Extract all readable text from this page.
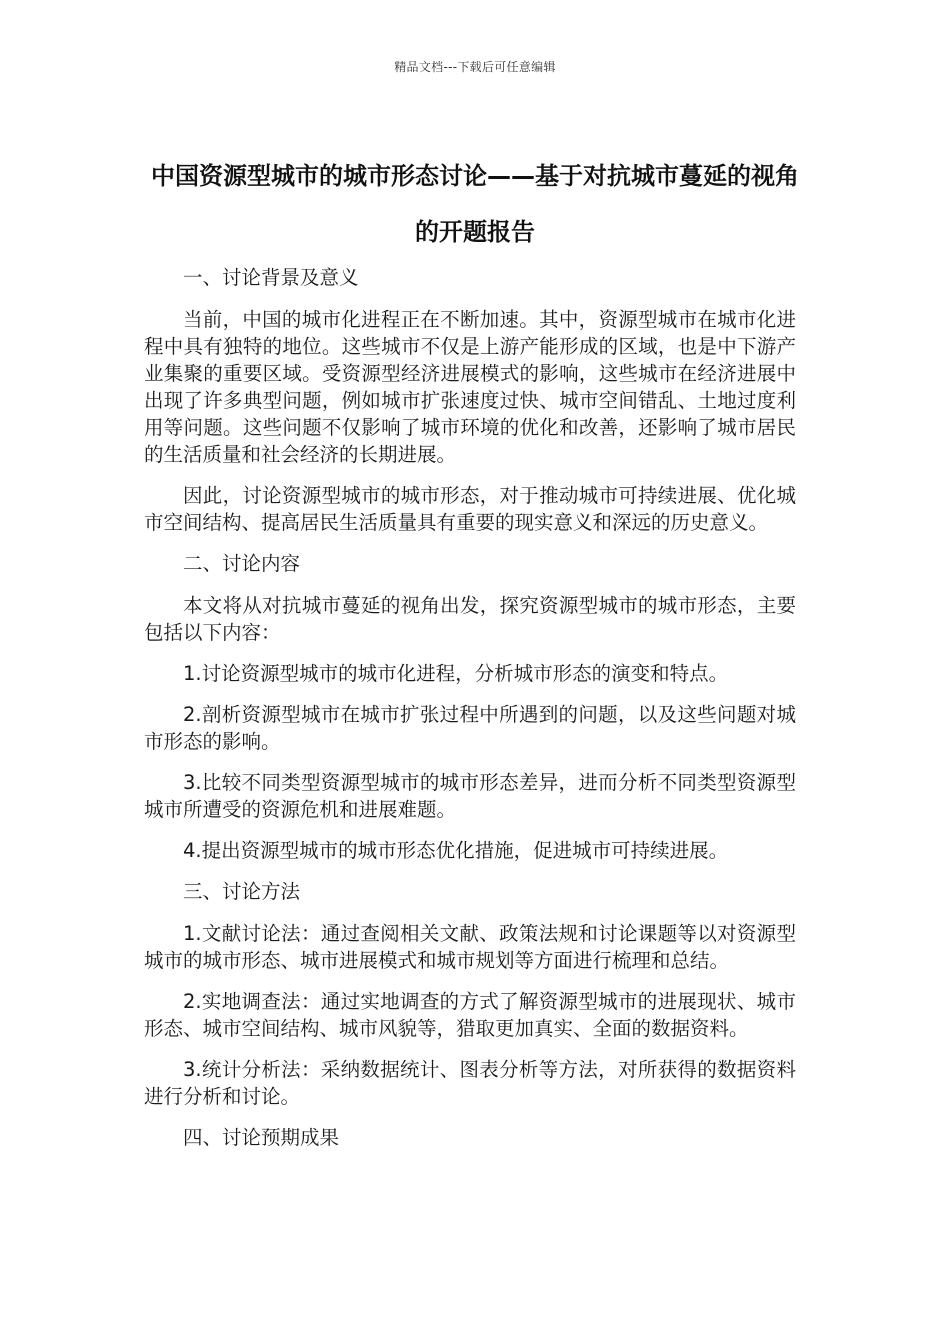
精品文档---下载后可任意编辑
中国资源型城市的城市形态讨论——基于对抗城市蔓延的视角的开题报告
一、讨论背景及意义
当前，中国的城市化进程正在不断加速。其中，资源型城市在城市化进程中具有独特的地位。这些城市不仅是上游产能形成的区域，也是中下游产业集聚的重要区域。受资源型经济进展模式的影响，这些城市在经济进展中出现了许多典型问题，例如城市扩张速度过快、城市空间错乱、土地过度利用等问题。这些问题不仅影响了城市环境的优化和改善，还影响了城市居民的生活质量和社会经济的长期进展。
因此，讨论资源型城市的城市形态，对于推动城市可持续进展、优化城市空间结构、提高居民生活质量具有重要的现实意义和深远的历史意义。
二、讨论内容
本文将从对抗城市蔓延的视角出发，探究资源型城市的城市形态，主要包括以下内容：
1.讨论资源型城市的城市化进程，分析城市形态的演变和特点。
2.剖析资源型城市在城市扩张过程中所遇到的问题，以及这些问题对城市形态的影响。
3.比较不同类型资源型城市的城市形态差异，进而分析不同类型资源型城市所遭受的资源危机和进展难题。
4.提出资源型城市的城市形态优化措施，促进城市可持续进展。
三、讨论方法
1.文献讨论法：通过查阅相关文献、政策法规和讨论课题等以对资源型城市的城市形态、城市进展模式和城市规划等方面进行梳理和总结。
2.实地调查法：通过实地调查的方式了解资源型城市的进展现状、城市形态、城市空间结构、城市风貌等，猎取更加真实、全面的数据资料。
3.统计分析法：采纳数据统计、图表分析等方法，对所获得的数据资料进行分析和讨论。
四、讨论预期成果
